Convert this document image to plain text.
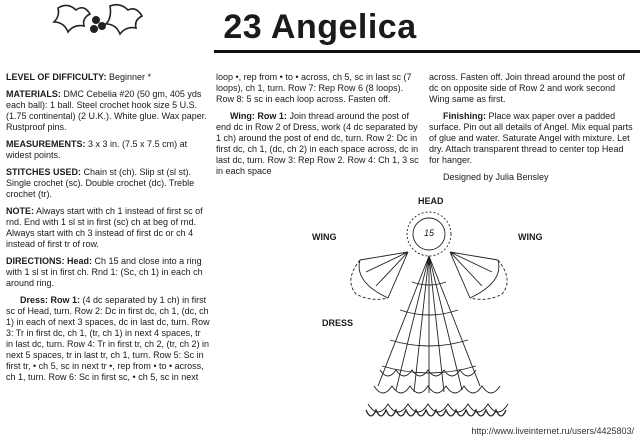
23 Angelica

LEVEL OF DIFFICULTY: Beginner *

MATERIALS: DMC Cebelia #20 (50 gm, 405 yds each ball): 1 ball. Steel crochet hook size 5 U.S. (1.75 continental) (2 U.K.). White glue. Wax paper. Rustproof pins.

MEASUREMENTS: 3 x 3 in. (7.5 x 7.5 cm) at widest points.

STITCHES USED: Chain st (ch). Slip st (sl st). Single crochet (sc). Double crochet (dc). Treble crochet (tr).

NOTE: Always start with ch 1 instead of first sc of rnd. End with 1 sl st in first (sc) ch at beg of rnd. Always start with ch 3 instead of first dc or ch 4 instead of first tr of row.

DIRECTIONS: Head: Ch 15 and close into a ring with 1 sl st in first ch. Rnd 1: (Sc, ch 1) in each ch around ring.

Dress: Row 1: (4 dc separated by 1 ch) in first sc of Head, turn. Row 2: Dc in first dc, ch 1, (dc, ch 1) in each of next 3 spaces, dc in last dc, turn. Row 3: Tr in first dc, ch 1, (tr, ch 1) in next 4 spaces, tr in last dc, turn. Row 4: Tr in first tr, ch 2, (tr, ch 2) in next 5 spaces, tr in last tr, ch 1, turn. Row 5: Sc in first tr, • ch 5, sc in next tr •, rep from • to • across, ch 1, turn. Row 6: Sc in first sc, • ch 5, sc in next

loop •, rep from • to • across, ch 5, sc in last sc (7 loops), ch 1, turn. Row 7: Rep Row 6 (8 loops). Row 8: 5 sc in each loop across. Fasten off.

Wing: Row 1: Join thread around the post of end dc in Row 2 of Dress, work (4 dc separated by 1 ch) around the post of end dc, turn. Row 2: Dc in first dc, ch 1, (dc, ch 2) in each space across, dc in last dc, turn. Row 3: Rep Row 2. Row 4: Ch 1, 3 sc in each space

across. Fasten off. Join thread around the post of dc on opposite side of Row 2 and work second Wing same as first.

Finishing: Place wax paper over a padded surface. Pin out all details of Angel. Mix equal parts of glue and water. Saturate Angel with mixture. Let dry. Attach transparent thread to center top Head for hanger.

Designed by Julia Bensley

HEAD
WING	WING
DRESS
15
http://www.liveinternet.ru/users/4425803/
